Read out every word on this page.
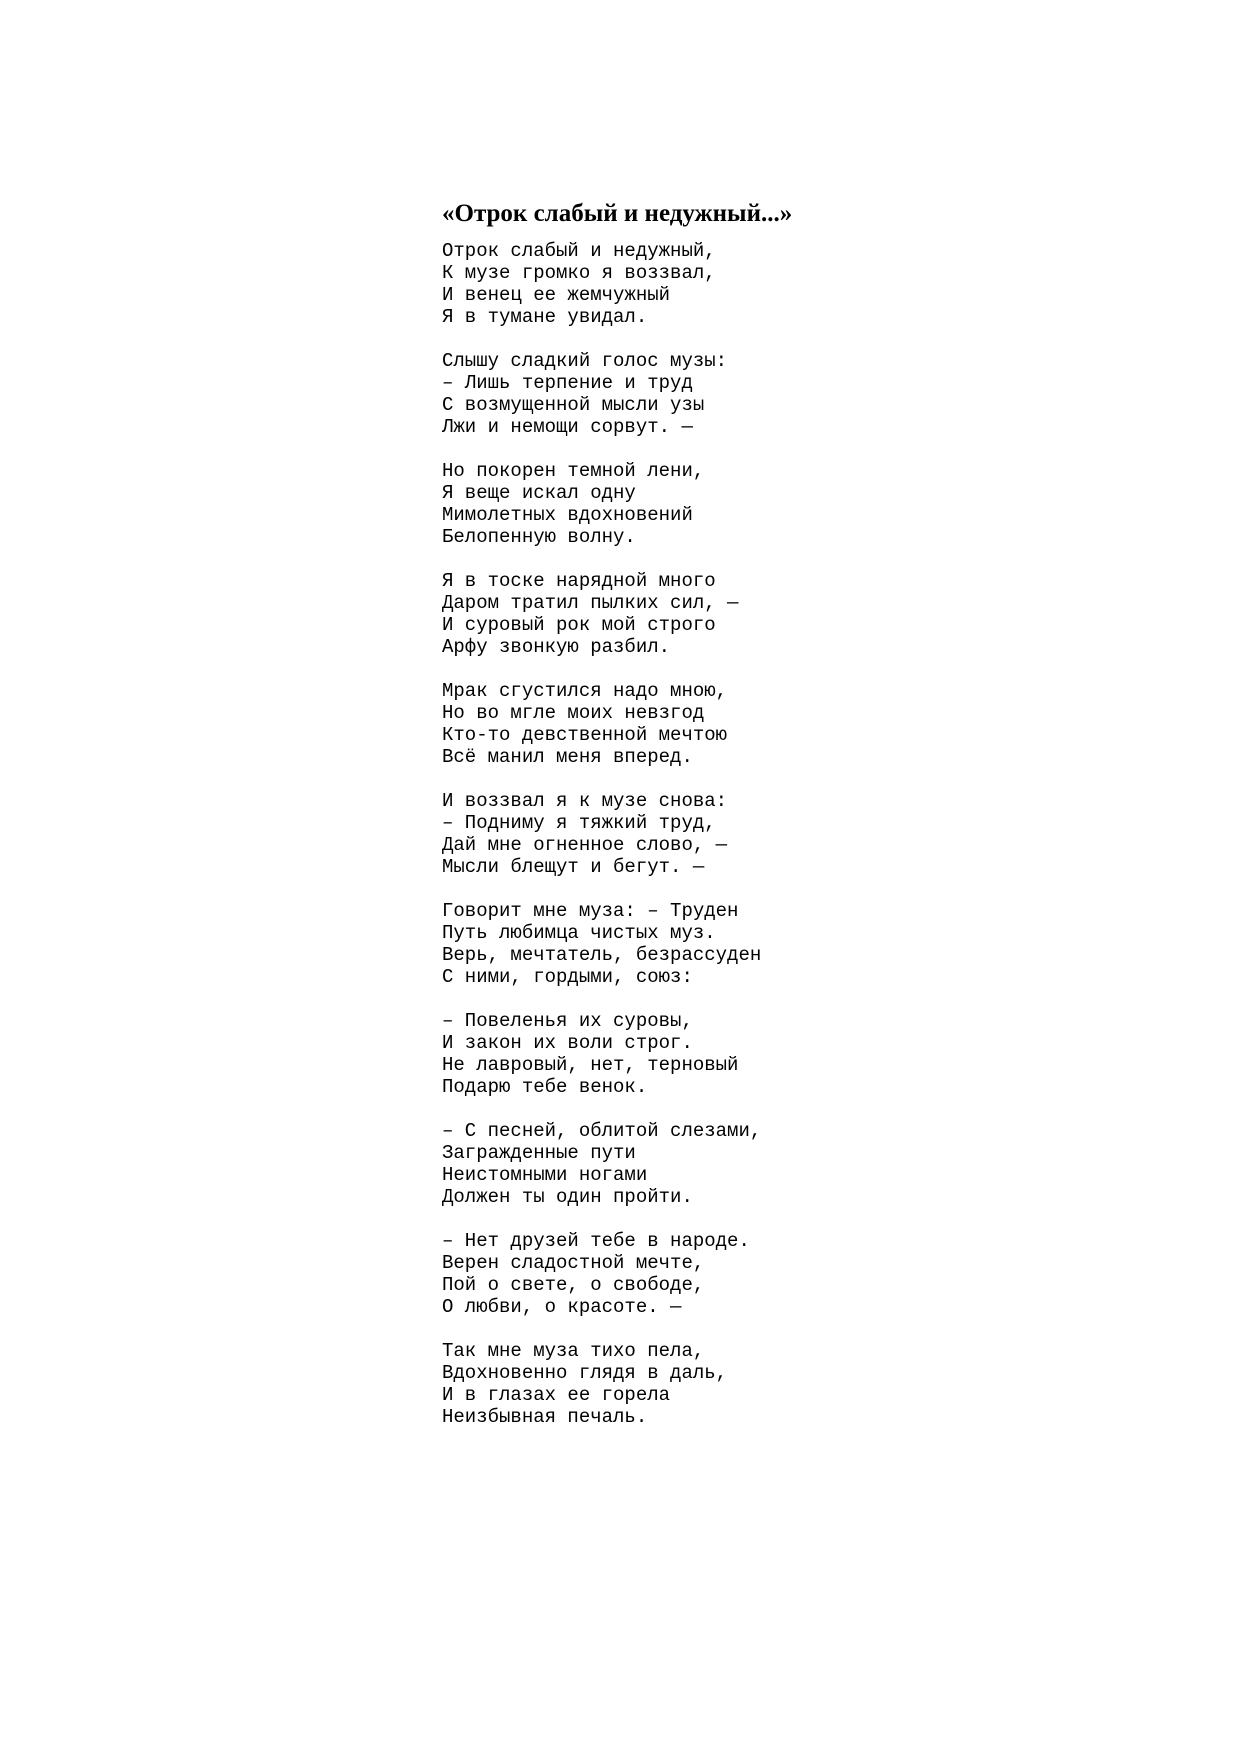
«Отрок слабый и недужный...»
Отрок слабый и недужный,
К музе громко я воззвал,
И венец ее жемчужный
Я в тумане увидал.
Слышу сладкий голос музы:
– Лишь терпение и труд
С возмущенной мысли узы
Лжи и немощи сорвут. —
Но покорен темной лени,
Я веще искал одну
Мимолетных вдохновений
Белопенную волну.
Я в тоске нарядной много
Даром тратил пылких сил, —
И суровый рок мой строго
Арфу звонкую разбил.
Мрак сгустился надо мною,
Но во мгле моих невзгод
Кто-то девственной мечтою
Всё манил меня вперед.
И воззвал я к музе снова:
– Подниму я тяжкий труд,
Дай мне огненное слово, —
Мысли блещут и бегут. —
Говорит мне муза: – Труден
Путь любимца чистых муз.
Верь, мечтатель, безрассуден
С ними, гордыми, союз:
– Повеленья их суровы,
И закон их воли строг.
Не лавровый, нет, терновый
Подарю тебе венок.
– С песней, облитой слезами,
Загражденные пути
Неистомными ногами
Должен ты один пройти.
– Нет друзей тебе в народе.
Верен сладостной мечте,
Пой о свете, о свободе,
О любви, о красоте. —
Так мне муза тихо пела,
Вдохновенно глядя в даль,
И в глазах ее горела
Неизбывная печаль.
